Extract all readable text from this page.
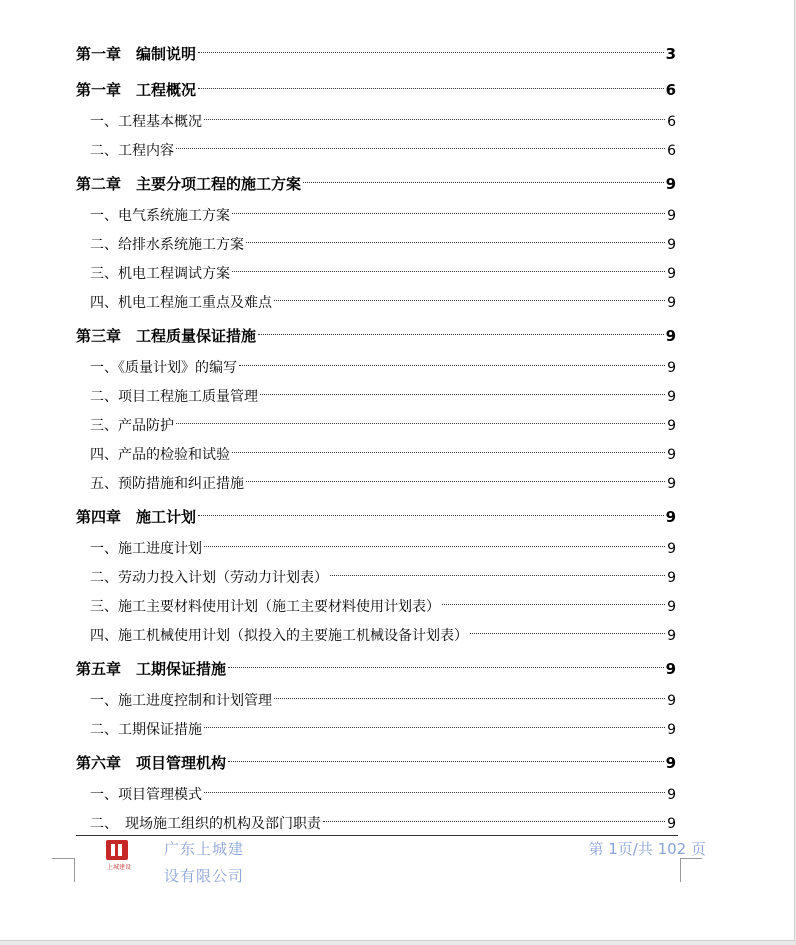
第一章　编制说明	3
第一章　工程概况	6
一、工程基本概况	6
二、工程内容	6
第二章　主要分项工程的施工方案	9
一、电气系统施工方案	9
二、给排水系统施工方案	9
三、机电工程调试方案	9
四、机电工程施工重点及难点	9
第三章　工程质量保证措施	9
一、《质量计划》的编写	9
二、项目工程施工质量管理	9
三、产品防护	9
四、产品的检验和试验	9
五、预防措施和纠正措施	9
第四章　施工计划	9
一、施工进度计划	9
二、劳动力投入计划（劳动力计划表）	9
三、施工主要材料使用计划（施工主要材料使用计划表）	9
四、施工机械使用计划（拟投入的主要施工机械设备计划表）	9
第五章　工期保证措施	9
一、施工进度控制和计划管理	9
二、工期保证措施	9
第六章　项目管理机构	9
一、项目管理模式	9
二、　现场施工组织的机构及部门职责	9
上城建设
广东上城建
设有限公司
第 1页/共 102 页
